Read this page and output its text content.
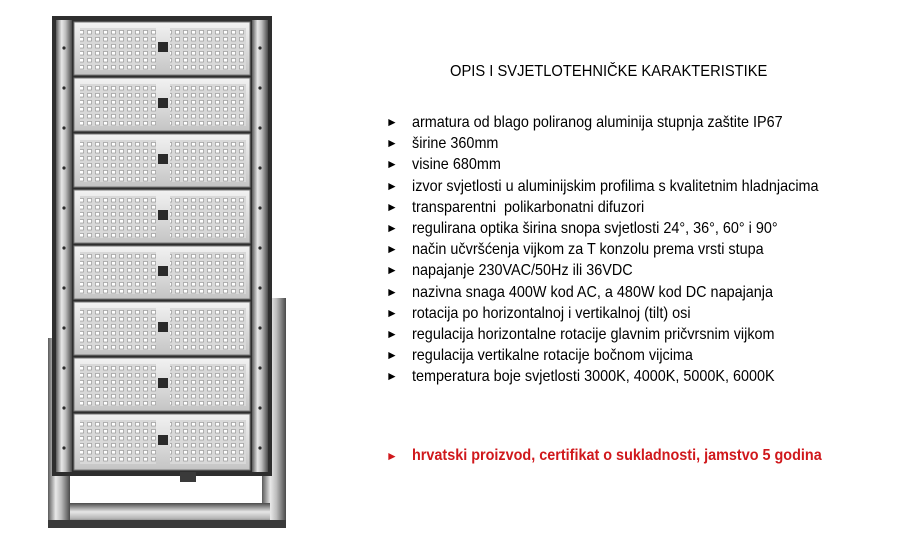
OPIS I SVJETLOTEHNIČKE KARAKTERISTIKE
► armatura od blago poliranog aluminija stupnja zaštite IP67
► širine 360mm
► visine 680mm
► izvor svjetlosti u aluminijskim profilima s kvalitetnim hladnjacima
► transparentni  polikarbonatni difuzori
► regulirana optika širina snopa svjetlosti 24°, 36°, 60° i 90°
► način učvršćenja vijkom za T konzolu prema vrsti stupa
► napajanje 230VAC/50Hz ili 36VDC
► nazivna snaga 400W kod AC, a 480W kod DC napajanja
► rotacija po horizontalnoj i vertikalnoj (tilt) osi
► regulacija horizontalne rotacije glavnim pričvrsnim vijkom
► regulacija vertikalne rotacije bočnom vijcima
► temperatura boje svjetlosti 3000K, 4000K, 5000K, 6000K
► hrvatski proizvod, certifikat o sukladnosti, jamstvo 5 godina
